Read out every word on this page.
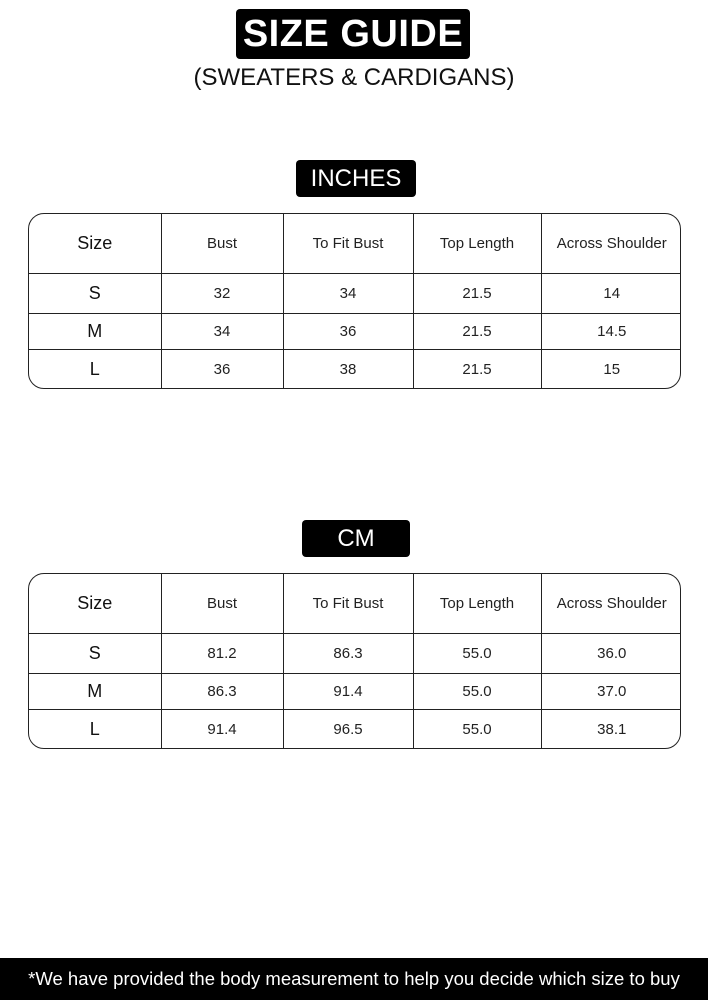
SIZE GUIDE
(SWEATERS & CARDIGANS)
INCHES
Size	Bust	To Fit Bust	Top Length	Across Shoulder
S	32	34	21.5	14
M	34	36	21.5	14.5
L	36	38	21.5	15
CM
Size	Bust	To Fit Bust	Top Length	Across Shoulder
S	81.2	86.3	55.0	36.0
M	86.3	91.4	55.0	37.0
L	91.4	96.5	55.0	38.1
*We have provided the body measurement to help you decide which size to buy
